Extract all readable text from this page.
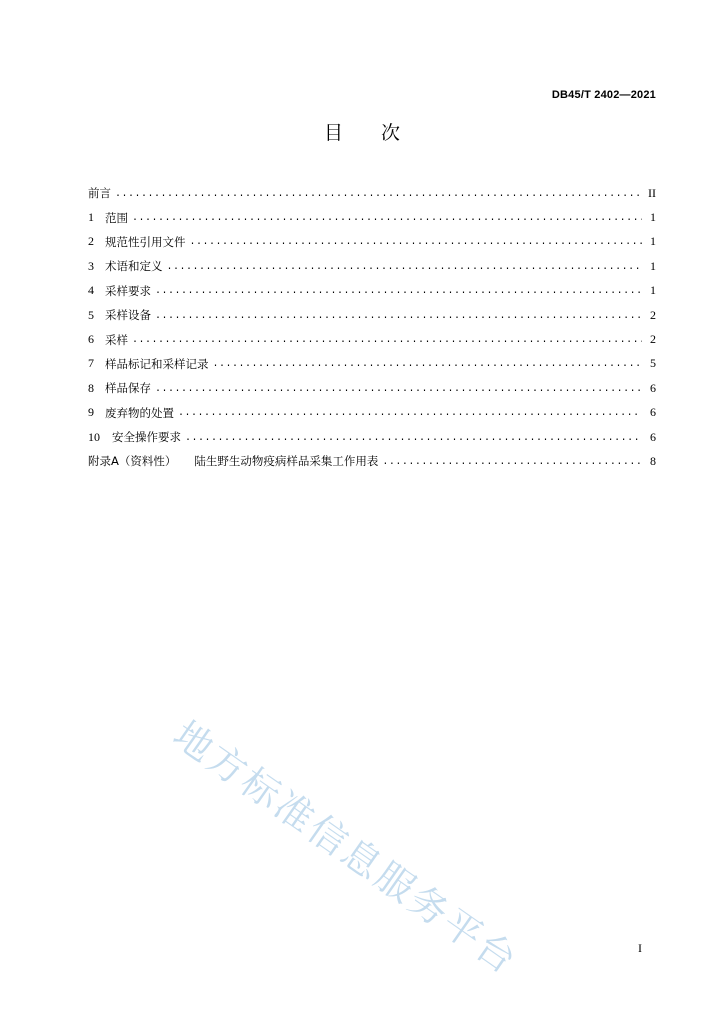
DB45/T 2402—2021
目 次
前言 .....	II
1 范围 .....	1
2 规范性引用文件 .....	1
3 术语和定义 .....	1
4 采样要求 .....	1
5 采样设备 .....	2
6 采样 .....	2
7 样品标记和采样记录 .....	5
8 样品保存 .....	6
9 废弃物的处置 .....	6
10	安全操作要求 .....	6
附录A（资料性） 陆生野生动物疫病样品采集工作用表 .....	8
地方标准信息服务平台	I
